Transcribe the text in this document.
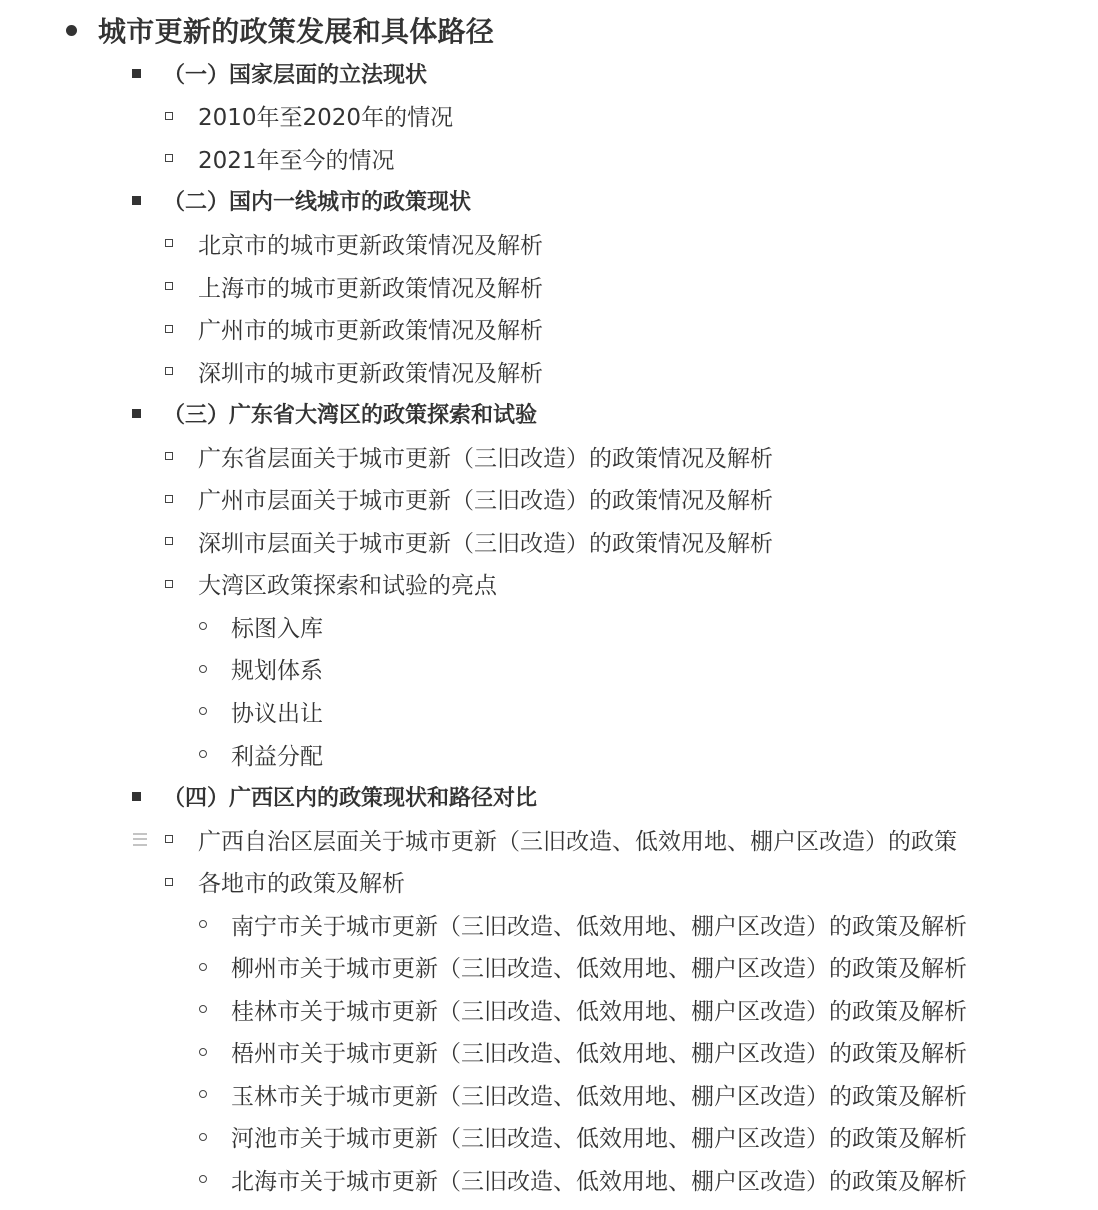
城市更新的政策发展和具体路径
（一）国家层面的立法现状
2010年至2020年的情况
2021年至今的情况
（二）国内一线城市的政策现状
北京市的城市更新政策情况及解析
上海市的城市更新政策情况及解析
广州市的城市更新政策情况及解析
深圳市的城市更新政策情况及解析
（三）广东省大湾区的政策探索和试验
广东省层面关于城市更新（三旧改造）的政策情况及解析
广州市层面关于城市更新（三旧改造）的政策情况及解析
深圳市层面关于城市更新（三旧改造）的政策情况及解析
大湾区政策探索和试验的亮点
标图入库
规划体系
协议出让
利益分配
（四）广西区内的政策现状和路径对比
广西自治区层面关于城市更新（三旧改造、低效用地、棚户区改造）的政策
各地市的政策及解析
南宁市关于城市更新（三旧改造、低效用地、棚户区改造）的政策及解析
柳州市关于城市更新（三旧改造、低效用地、棚户区改造）的政策及解析
桂林市关于城市更新（三旧改造、低效用地、棚户区改造）的政策及解析
梧州市关于城市更新（三旧改造、低效用地、棚户区改造）的政策及解析
玉林市关于城市更新（三旧改造、低效用地、棚户区改造）的政策及解析
河池市关于城市更新（三旧改造、低效用地、棚户区改造）的政策及解析
北海市关于城市更新（三旧改造、低效用地、棚户区改造）的政策及解析
